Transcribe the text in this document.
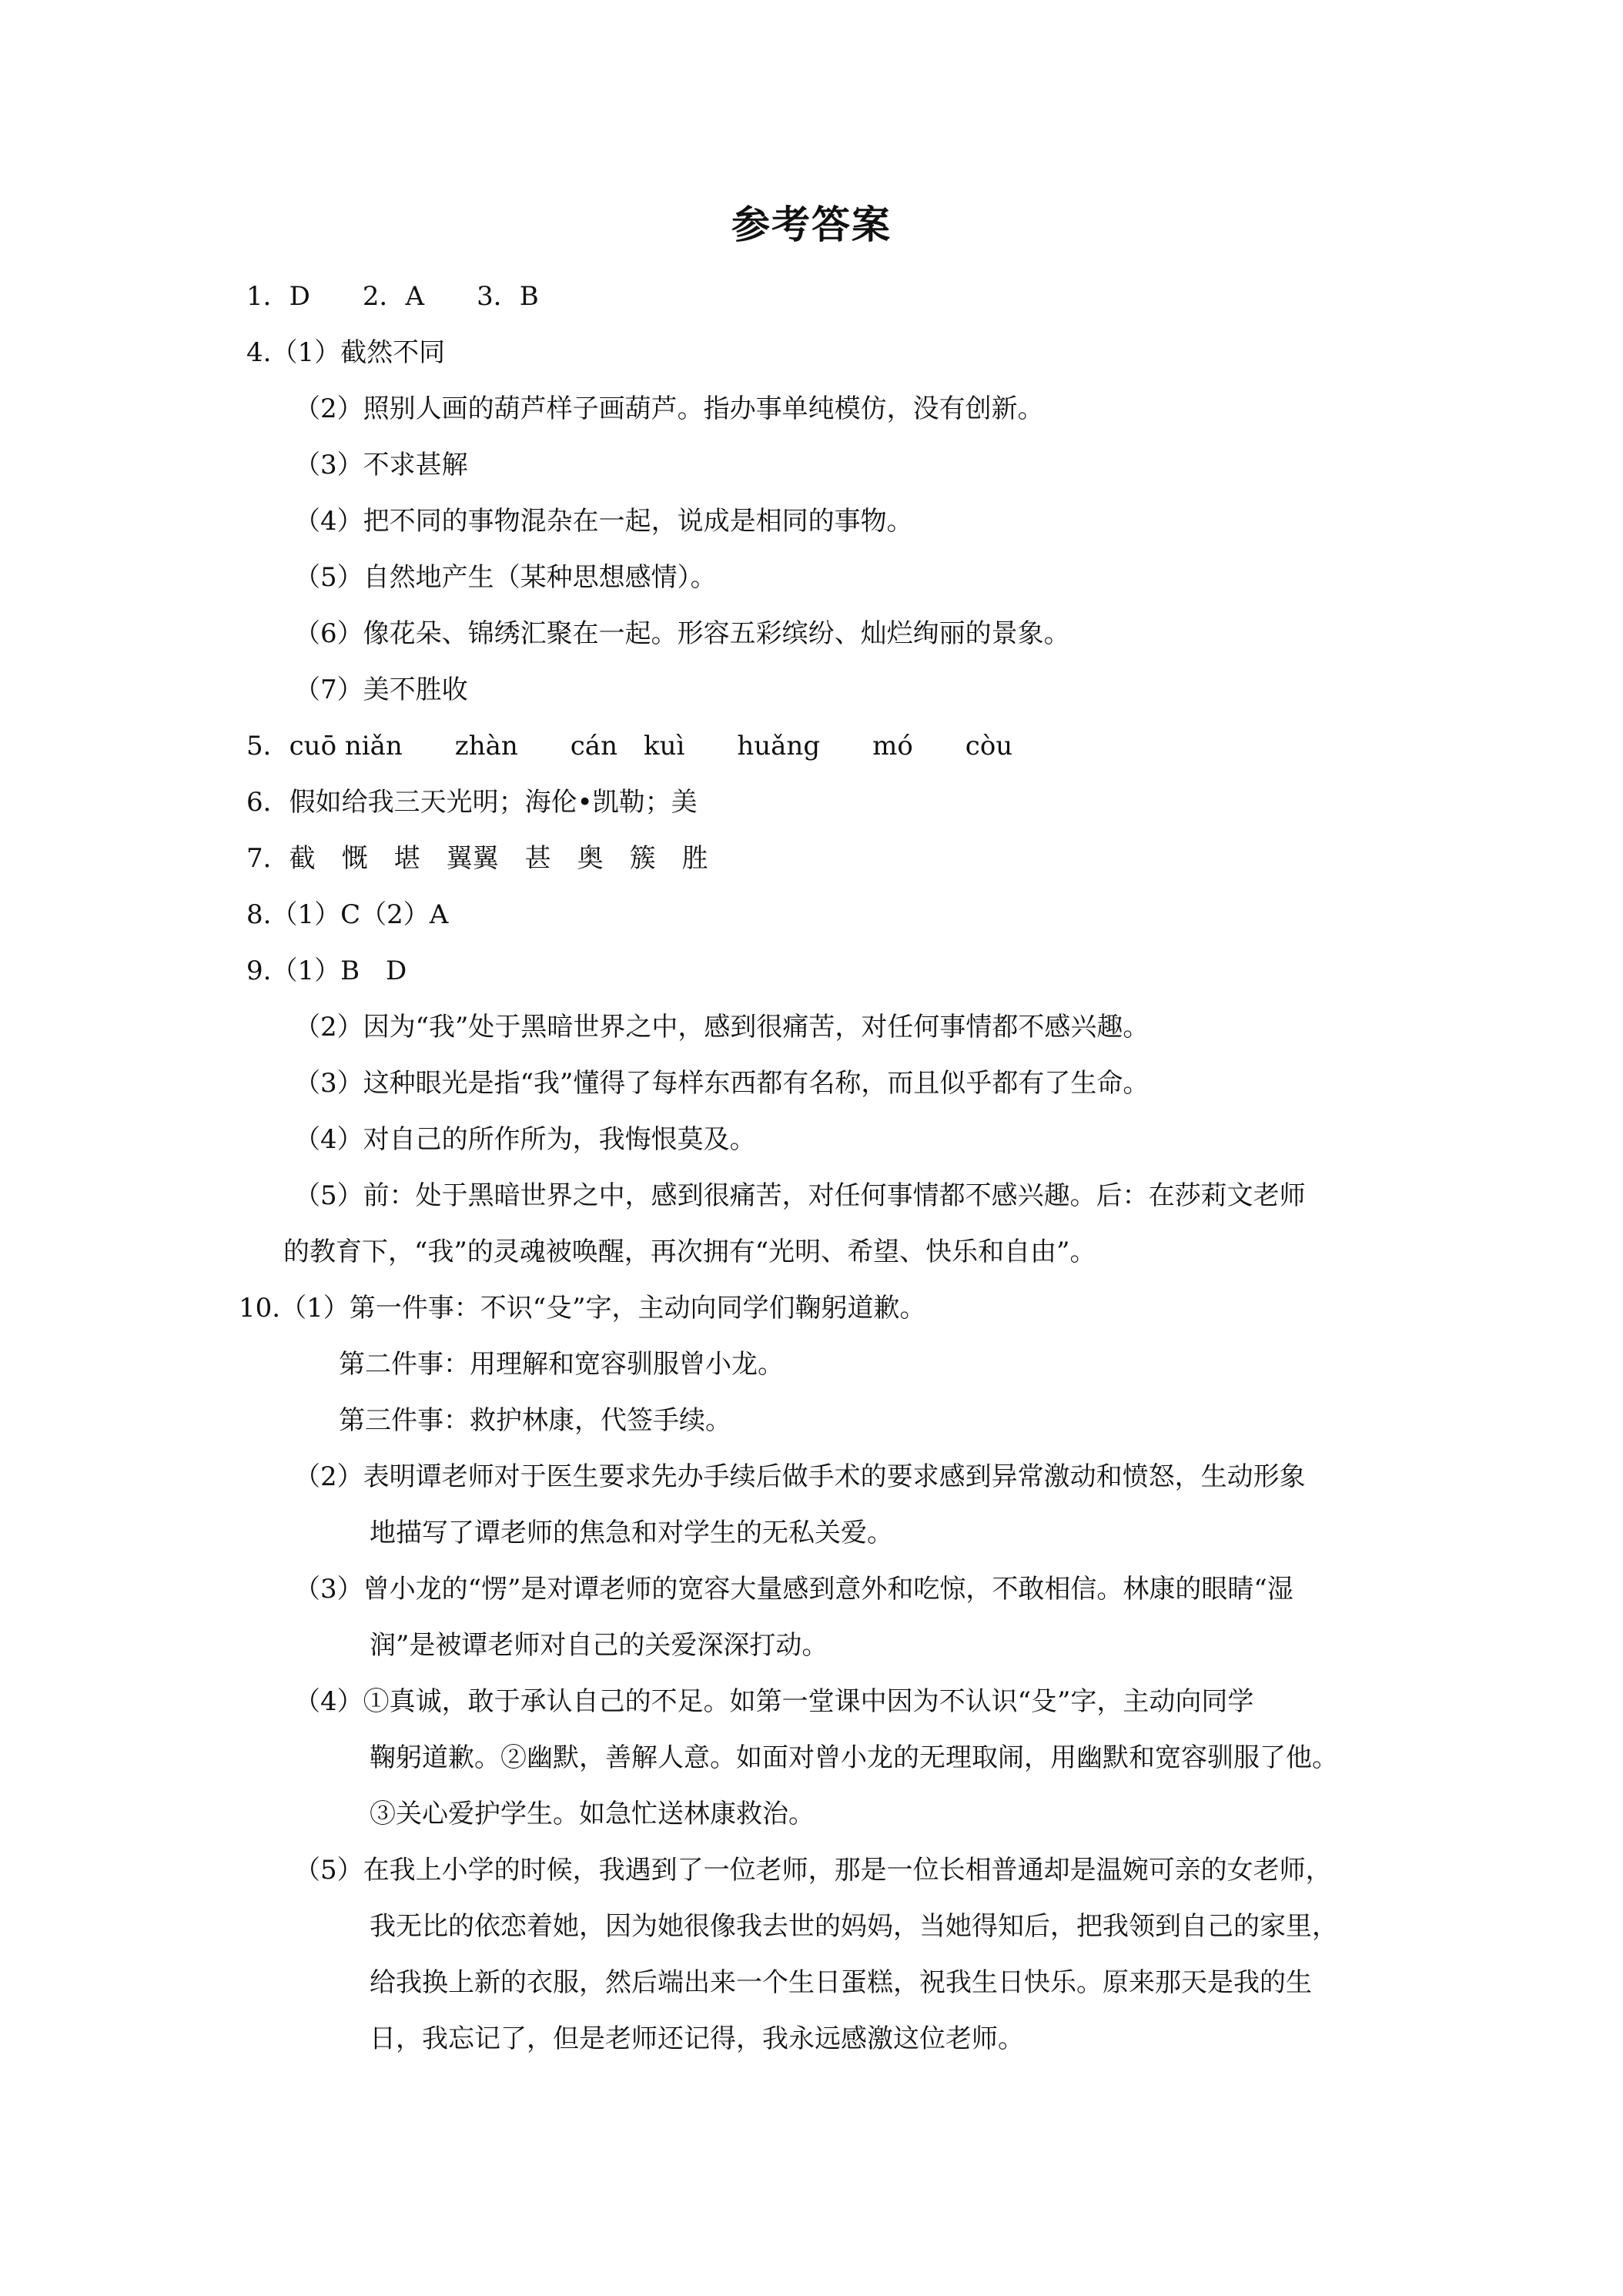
参考答案
1．D　　2．A　　3．B
4.（1）截然不同
（2）照别人画的葫芦样子画葫芦。指办事单纯模仿，没有创新。
（3）不求甚解
（4）把不同的事物混杂在一起，说成是相同的事物。
（5）自然地产生（某种思想感情）。
（6）像花朵、锦绣汇聚在一起。形容五彩缤纷、灿烂绚丽的景象。
（7）美不胜收
5．cuō niǎn　　zhàn　　cán　kuì　　huǎng　　mó　　còu
6．假如给我三天光明；海伦•凯勒；美
7．截　慨　堪　翼翼　甚　奥　簇　胜
8.（1）C（2）A
9.（1）B　D
（2）因为“我”处于黑暗世界之中，感到很痛苦，对任何事情都不感兴趣。
（3）这种眼光是指“我”懂得了每样东西都有名称，而且似乎都有了生命。
（4）对自己的所作所为，我悔恨莫及。
（5）前：处于黑暗世界之中，感到很痛苦，对任何事情都不感兴趣。后：在莎莉文老师
的教育下，“我”的灵魂被唤醒，再次拥有“光明、希望、快乐和自由”。
10.（1）第一件事：不识“殳”字，主动向同学们鞠躬道歉。
第二件事：用理解和宽容驯服曾小龙。
第三件事：救护林康，代签手续。
（2）表明谭老师对于医生要求先办手续后做手术的要求感到异常激动和愤怒，生动形象
地描写了谭老师的焦急和对学生的无私关爱。
（3）曾小龙的“愣”是对谭老师的宽容大量感到意外和吃惊，不敢相信。林康的眼睛“湿
润”是被谭老师对自己的关爱深深打动。
（4）①真诚，敢于承认自己的不足。如第一堂课中因为不认识“殳”字，主动向同学
鞠躬道歉。②幽默，善解人意。如面对曾小龙的无理取闹，用幽默和宽容驯服了他。
③关心爱护学生。如急忙送林康救治。
（5）在我上小学的时候，我遇到了一位老师，那是一位长相普通却是温婉可亲的女老师，
我无比的依恋着她，因为她很像我去世的妈妈，当她得知后，把我领到自己的家里，
给我换上新的衣服，然后端出来一个生日蛋糕，祝我生日快乐。原来那天是我的生
日，我忘记了，但是老师还记得，我永远感激这位老师。
